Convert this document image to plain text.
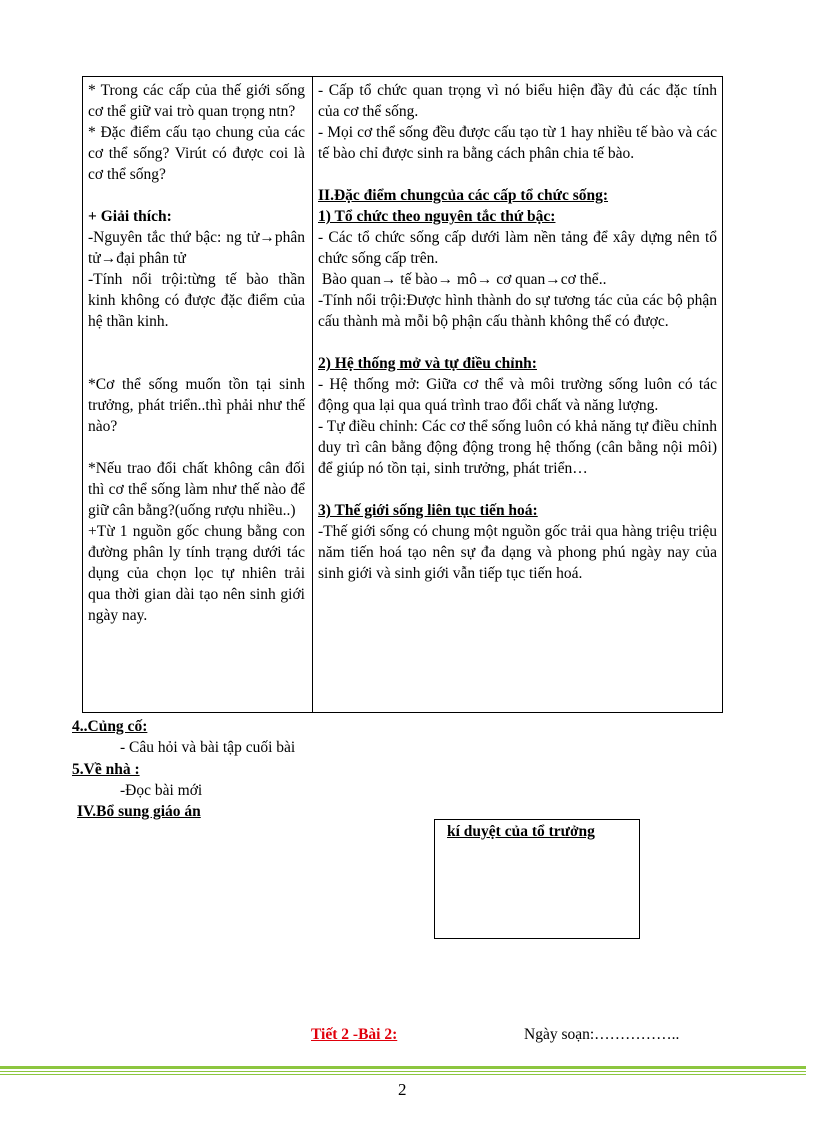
* Trong các cấp của thế giới sống cơ thể giữ vai trò quan trọng ntn?

* Đặc điểm cấu tạo chung của các cơ thể sống? Virút có được coi là cơ thể sống?

+ Giải thích:

-Nguyên tắc thứ bậc: ng tử→phân tử→đại phân tử

-Tính nổi trội:từng tế bào thần kinh không có được đặc điểm của hệ thần kinh.

*Cơ thể sống muốn tồn tại sinh trưởng, phát triển..thì phải như thế nào?

*Nếu trao đổi chất không cân đối thì cơ thể sống làm như thế nào để giữ cân bằng?(uống rượu nhiều..)

+Từ 1 nguồn gốc chung bằng con đường phân ly tính trạng dưới tác dụng của chọn lọc tự nhiên trải qua thời gian dài tạo nên sinh giới ngày nay.

- Cấp tổ chức quan trọng vì nó biểu hiện đầy đủ các đặc tính của cơ thể sống.

- Mọi cơ thể sống đều được cấu tạo từ 1 hay nhiều tế bào và các tế bào chỉ được sinh ra bằng cách phân chia tế bào.

II.Đặc điểm chungcủa các cấp tổ chức sống:

1) Tổ chức theo nguyên tắc thứ bậc:

- Các tổ chức sống cấp dưới làm nền tảng để xây dựng nên tổ chức sống cấp trên.

Bào quan→ tế bào→ mô→ cơ quan→cơ thể..

-Tính nổi trội:Được hình thành do sự tương tác của các bộ phận cấu thành mà mỗi bộ phận cấu thành không thể có được.

2) Hệ thống mở và tự điều chỉnh:

- Hệ thống mở: Giữa cơ thể và môi trường sống luôn có tác động qua lại qua quá trình trao đổi chất và năng lượng.

- Tự điều chỉnh: Các cơ thể sống luôn có khả năng tự điều chỉnh duy trì cân bằng động động trong hệ thống (cân bằng nội môi) để giúp nó tồn tại, sinh trưởng, phát triển…

3) Thế giới sống liên tục tiến hoá:

-Thế giới sống có chung một nguồn gốc trải qua hàng triệu triệu năm tiến hoá tạo nên sự đa dạng và phong phú ngày nay của sinh giới và sinh giới vẫn tiếp tục tiến hoá.

4..Củng cố:
- Câu hỏi và bài tập cuối bài
5.Về nhà :
-Đọc bài mới
IV.Bổ sung giáo án
kí duyệt của tổ trưởng
Tiết 2 -Bài 2:	Ngày soạn:……………..
2
